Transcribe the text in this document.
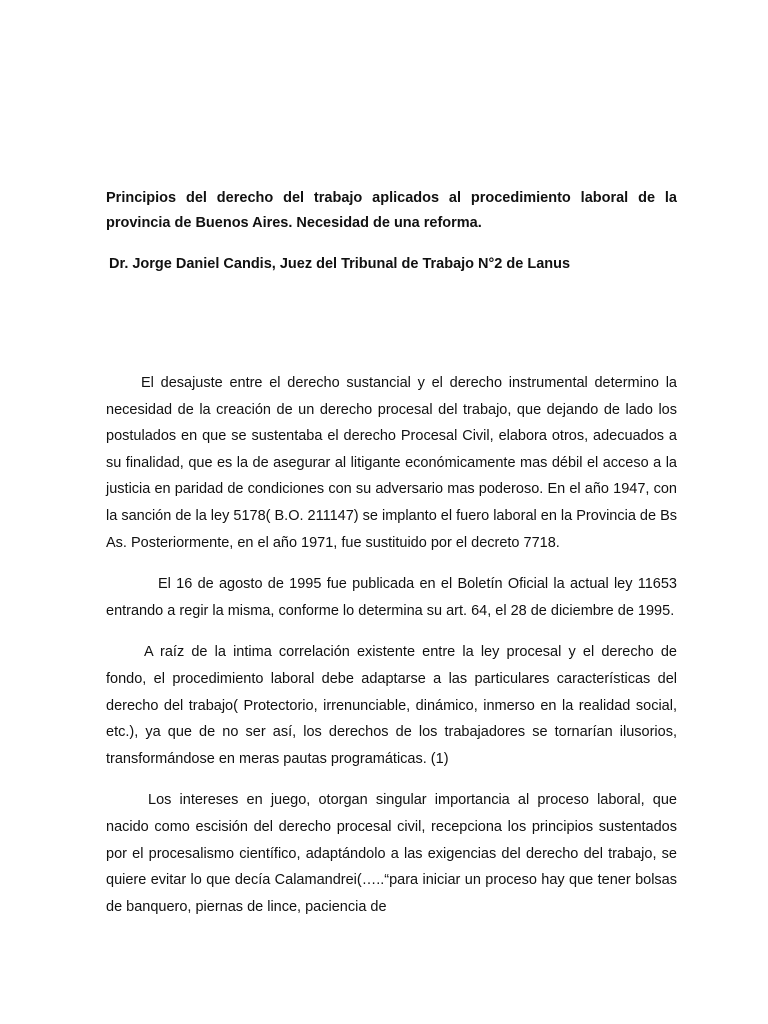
Principios del derecho del trabajo aplicados al procedimiento laboral de la provincia de Buenos Aires. Necesidad de una reforma.

Dr. Jorge Daniel Candis, Juez del Tribunal de Trabajo N°2 de Lanus

El desajuste entre el derecho sustancial y el derecho instrumental determino la necesidad de la creación de un derecho procesal del trabajo, que dejando de lado los postulados en que se sustentaba el derecho Procesal Civil, elabora otros, adecuados a su finalidad, que es la de asegurar al litigante económicamente mas débil el acceso a la justicia en paridad de condiciones con su adversario mas poderoso. En el año 1947, con la sanción de la ley 5178( B.O. 211147) se implanto el fuero laboral en la Provincia de Bs As. Posteriormente, en el año 1971, fue sustituido por el decreto 7718.

El 16 de agosto de 1995 fue publicada en el Boletín Oficial la actual ley 11653 entrando a regir la misma, conforme lo determina su art. 64, el 28 de diciembre de 1995.

A raíz de la intima correlación existente entre la ley procesal y el derecho de fondo, el procedimiento laboral debe adaptarse a las particulares características del derecho del trabajo( Protectorio, irrenunciable, dinámico, inmerso en la realidad social, etc.), ya que de no ser así, los derechos de los trabajadores se tornarían ilusorios, transformándose en meras pautas programáticas. (1)

Los intereses en juego, otorgan singular importancia al proceso laboral, que nacido como escisión del derecho procesal civil, recepciona los principios sustentados por el procesalismo científico, adaptándolo a las exigencias del derecho del trabajo, se quiere evitar lo que decía Calamandrei(…..“para iniciar un proceso hay que tener bolsas de banquero, piernas de lince, paciencia de
